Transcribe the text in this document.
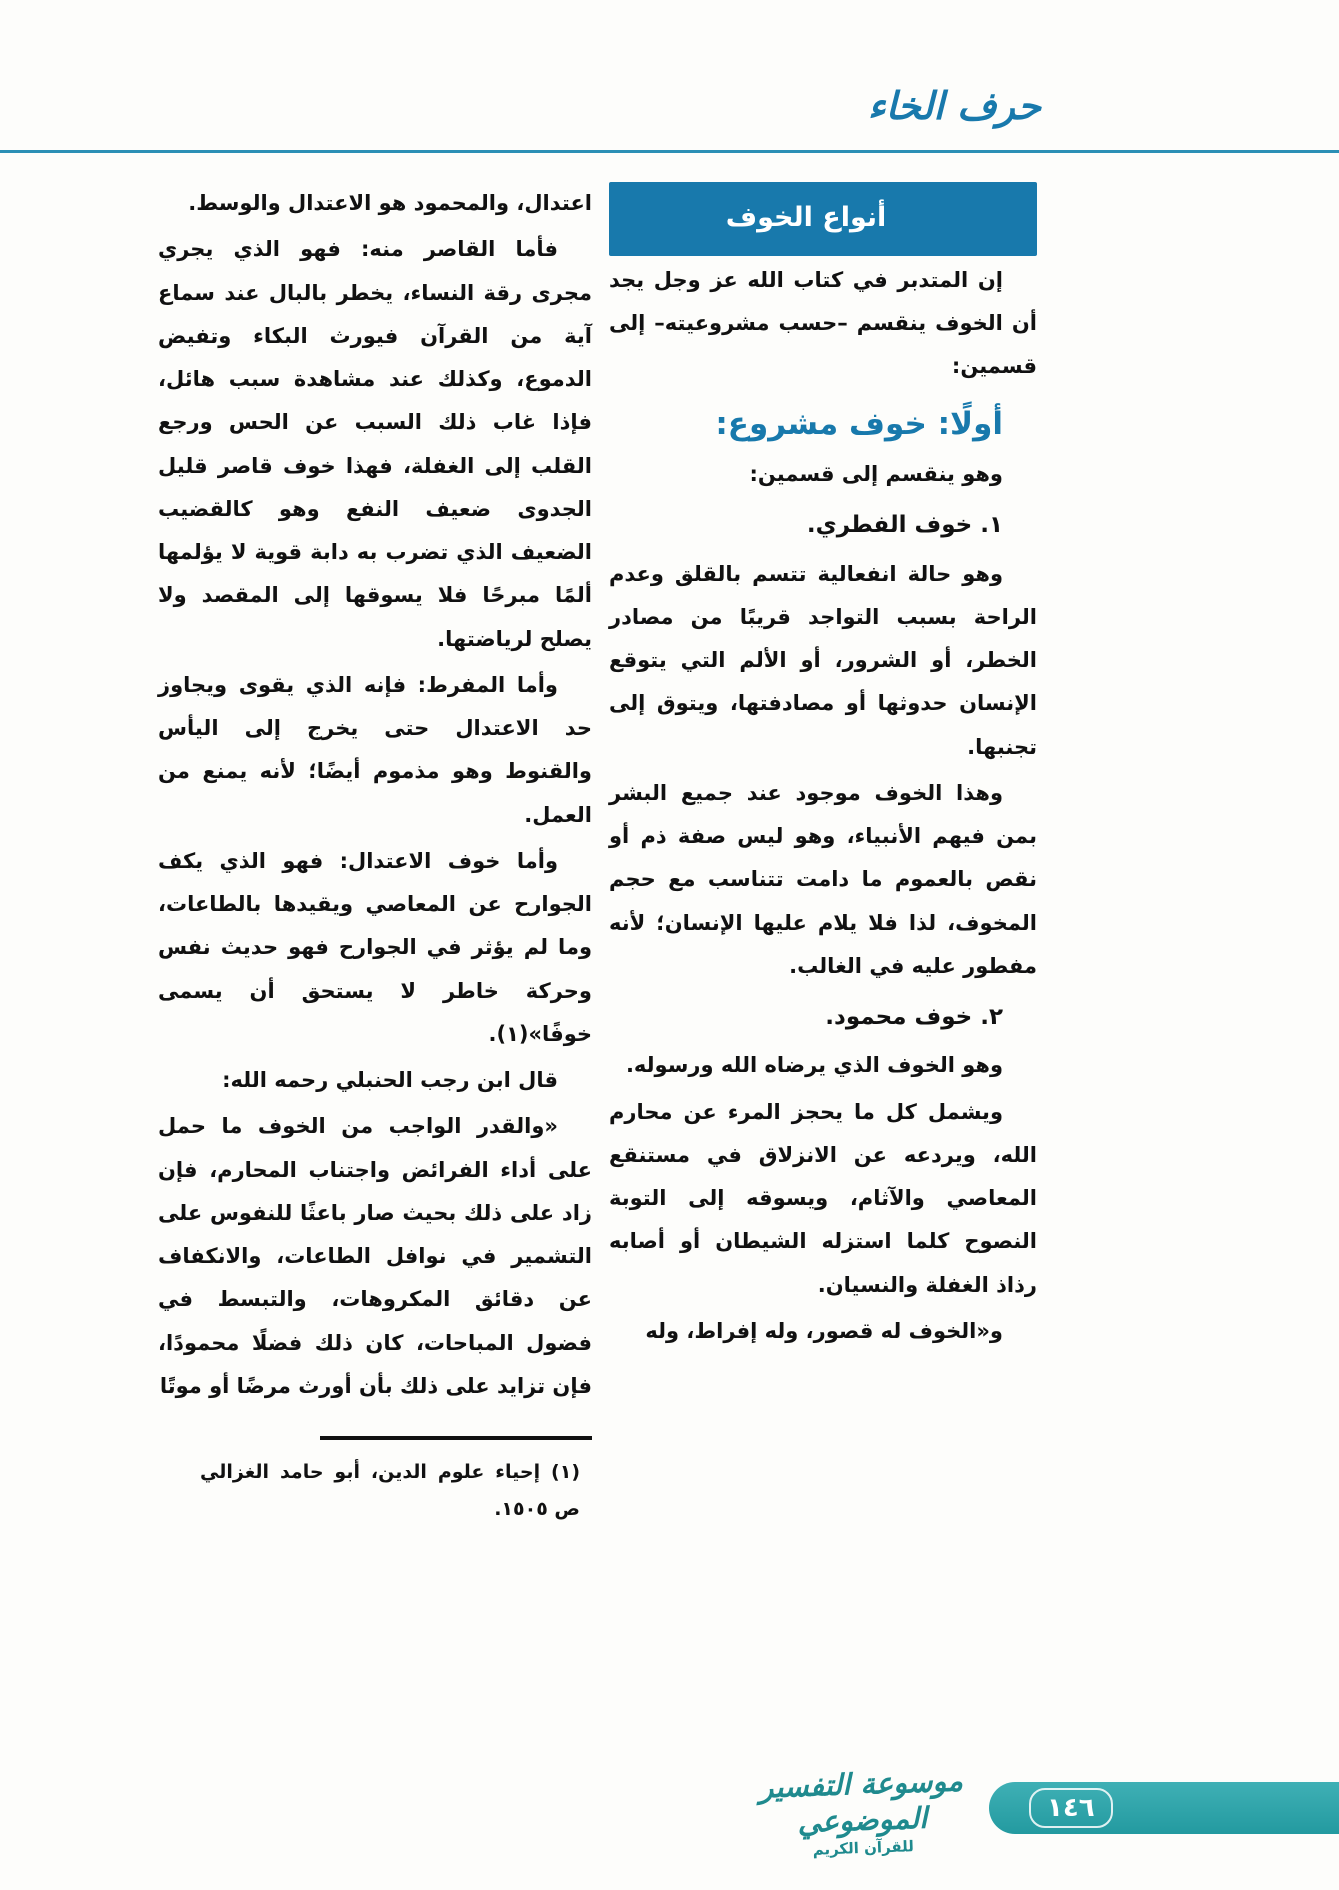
حرف الخاء

أنواع الخوف

إن المتدبر في كتاب الله عز وجل يجد أن الخوف ينقسم –حسب مشروعيته– إلى قسمين:

أولًا: خوف مشروع:

وهو ينقسم إلى قسمين:

١. خوف الفطري.

وهو حالة انفعالية تتسم بالقلق وعدم الراحة بسبب التواجد قريبًا من مصادر الخطر، أو الشرور، أو الألم التي يتوقع الإنسان حدوثها أو مصادفتها، ويتوق إلى تجنبها.

وهذا الخوف موجود عند جميع البشر بمن فيهم الأنبياء، وهو ليس صفة ذم أو نقص بالعموم ما دامت تتناسب مع حجم المخوف، لذا فلا يلام عليها الإنسان؛ لأنه مفطور عليه في الغالب.

٢. خوف محمود.

وهو الخوف الذي يرضاه الله ورسوله.

ويشمل كل ما يحجز المرء عن محارم الله، ويردعه عن الانزلاق في مستنقع المعاصي والآثام، ويسوقه إلى التوبة النصوح كلما استزله الشيطان أو أصابه رذاذ الغفلة والنسيان.

و«الخوف له قصور، وله إفراط، وله

اعتدال، والمحمود هو الاعتدال والوسط.

فأما القاصر منه: فهو الذي يجري مجرى رقة النساء، يخطر بالبال عند سماع آية من القرآن فيورث البكاء وتفيض الدموع، وكذلك عند مشاهدة سبب هائل، فإذا غاب ذلك السبب عن الحس ورجع القلب إلى الغفلة، فهذا خوف قاصر قليل الجدوى ضعيف النفع وهو كالقضيب الضعيف الذي تضرب به دابة قوية لا يؤلمها ألمًا مبرحًا فلا يسوقها إلى المقصد ولا يصلح لرياضتها.

وأما المفرط: فإنه الذي يقوى ويجاوز حد الاعتدال حتى يخرج إلى اليأس والقنوط وهو مذموم أيضًا؛ لأنه يمنع من العمل.

وأما خوف الاعتدال: فهو الذي يكف الجوارح عن المعاصي ويقيدها بالطاعات، وما لم يؤثر في الجوارح فهو حديث نفس وحركة خاطر لا يستحق أن يسمى خوفًا»(١).

قال ابن رجب الحنبلي رحمه الله:

«والقدر الواجب من الخوف ما حمل على أداء الفرائض واجتناب المحارم، فإن زاد على ذلك بحيث صار باعثًا للنفوس على التشمير في نوافل الطاعات، والانكفاف عن دقائق المكروهات، والتبسط في فضول المباحات، كان ذلك فضلًا محمودًا، فإن تزايد على ذلك بأن أورث مرضًا أو موتًا

(١) إحياء علوم الدين، أبو حامد الغزالي ص ١٥٠٥.

موسوعة التفسير الموضوعي
للقرآن الكريم
١٤٦
